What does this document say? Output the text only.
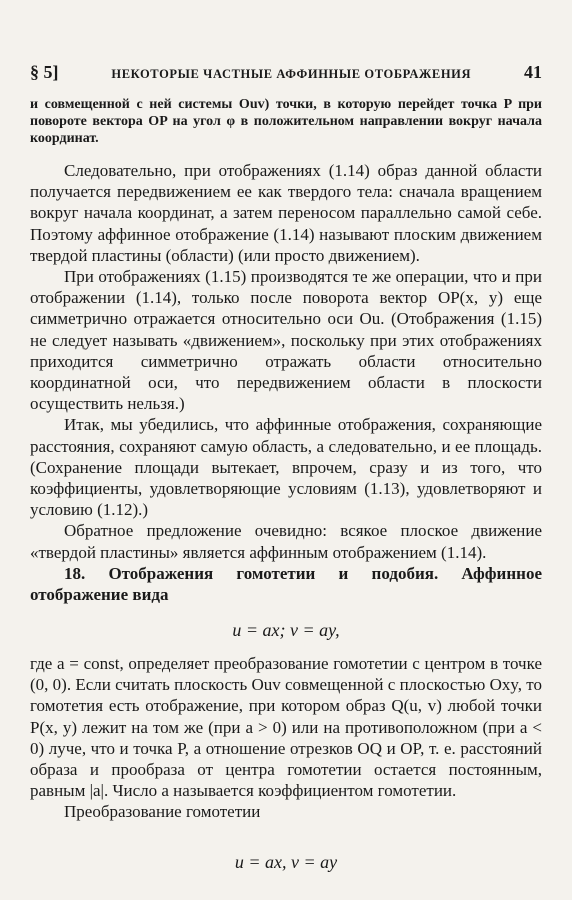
§ 5]	НЕКОТОРЫЕ ЧАСТНЫЕ АФФИННЫЕ ОТОБРАЖЕНИЯ	41

и совмещенной с ней системы Ouv) точки, в которую перейдет точка P при повороте вектора OP на угол φ в положительном направлении вокруг начала координат.

Следовательно, при отображениях (1.14) образ данной области получается передвижением ее как твердого тела: сначала вращением вокруг начала координат, а затем переносом параллельно самой себе. Поэтому аффинное отображение (1.14) называют плоским движением твердой пластины (области) (или просто движением).

При отображениях (1.15) производятся те же операции, что и при отображении (1.14), только после поворота вектор OP(x, y) еще симметрично отражается относительно оси Ou. (Отображения (1.15) не следует называть «движением», поскольку при этих отображениях приходится симметрично отражать области относительно координатной оси, что передвижением области в плоскости осуществить нельзя.)

Итак, мы убедились, что аффинные отображения, сохраняющие расстояния, сохраняют самую область, а следовательно, и ее площадь. (Сохранение площади вытекает, впрочем, сразу и из того, что коэффициенты, удовлетворяющие условиям (1.13), удовлетворяют и условию (1.12).)

Обратное предложение очевидно: всякое плоское движение «твердой пластины» является аффинным отображением (1.14).

18. Отображения гомотетии и подобия. Аффинное отображение вида

u = ax; v = ay,

где a = const, определяет преобразование гомотетии с центром в точке (0, 0). Если считать плоскость Ouv совмещенной с плоскостью Oxy, то гомотетия есть отображение, при котором образ Q(u, v) любой точки P(x, y) лежит на том же (при a > 0) или на противоположном (при a < 0) луче, что и точка P, а отношение отрезков OQ и OP, т. е. расстояний образа и прообраза от центра гомотетии остается постоянным, равным |a|. Число a называется коэффициентом гомотетии.

Преобразование гомотетии

u = ax, v = ay
